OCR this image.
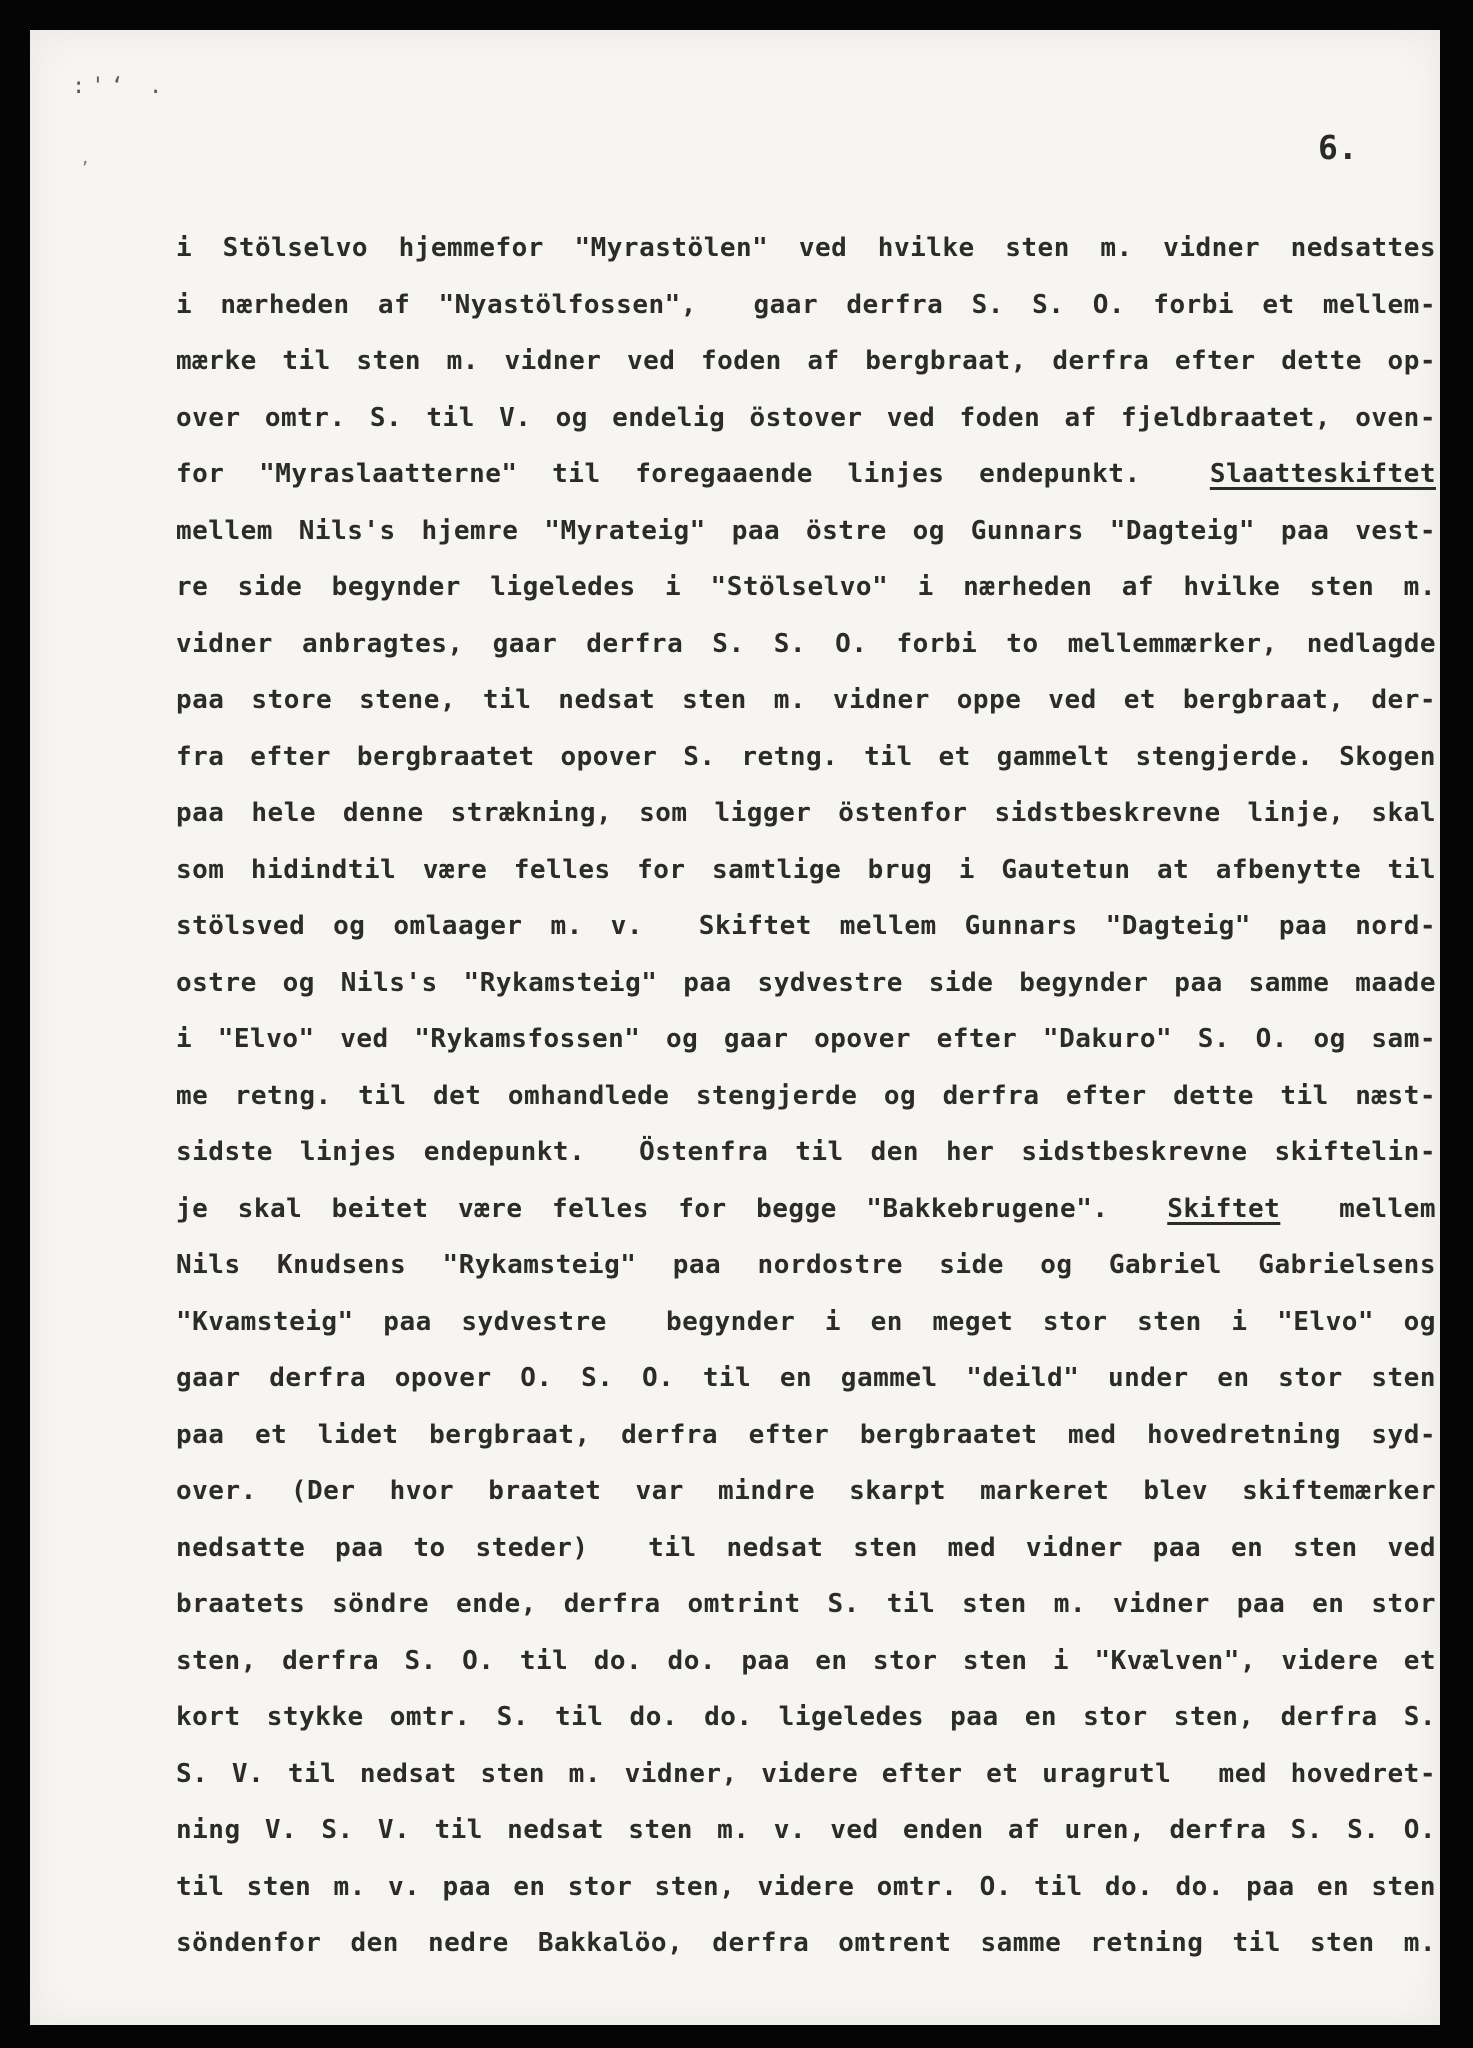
:'ʻ .
ʼ
6.
i Stölselvo hjemmefor "Myrastölen" ved hvilke sten m. vidner nedsattes
i nærheden af "Nyastölfossen",  gaar derfra S. S. O. forbi et mellem-
mærke til sten m. vidner ved foden af bergbraat, derfra efter dette op-
over omtr. S. til V. og endelig östover ved foden af fjeldbraatet, oven-
for "Myraslaatterne" til foregaaende linjes endepunkt.  Slaatteskiftet
mellem Nils's hjemre "Myrateig" paa östre og Gunnars "Dagteig" paa vest-
re side begynder ligeledes i "Stölselvo" i nærheden af hvilke sten m.
vidner anbragtes, gaar derfra S. S. O. forbi to mellemmærker, nedlagde
paa store stene, til nedsat sten m. vidner oppe ved et bergbraat, der-
fra efter bergbraatet opover S. retng. til et gammelt stengjerde. Skogen
paa hele denne strækning, som ligger östenfor sidstbeskrevne linje, skal
som hidindtil være felles for samtlige brug i Gautetun at afbenytte til
stölsved og omlaager m. v.  Skiftet mellem Gunnars "Dagteig" paa nord-
ostre og Nils's "Rykamsteig" paa sydvestre side begynder paa samme maade
i "Elvo" ved "Rykamsfossen" og gaar opover efter "Dakuro" S. O. og sam-
me retng. til det omhandlede stengjerde og derfra efter dette til næst-
sidste linjes endepunkt.  Östenfra til den her sidstbeskrevne skiftelin-
je skal beitet være felles for begge "Bakkebrugene".  Skiftet  mellem
Nils Knudsens "Rykamsteig" paa nordostre side og Gabriel Gabrielsens
"Kvamsteig" paa sydvestre  begynder i en meget stor sten i "Elvo" og
gaar derfra opover O. S. O. til en gammel "deild" under en stor sten
paa et lidet bergbraat, derfra efter bergbraatet med hovedretning syd-
over. (Der hvor braatet var mindre skarpt markeret blev skiftemærker
nedsatte paa to steder)  til nedsat sten med vidner paa en sten ved
braatets söndre ende, derfra omtrint S. til sten m. vidner paa en stor
sten, derfra S. O. til do. do. paa en stor sten i "Kvælven", videre et
kort stykke omtr. S. til do. do. ligeledes paa en stor sten, derfra S.
S. V. til nedsat sten m. vidner, videre efter et uragrutl  med hovedret-
ning V. S. V. til nedsat sten m. v. ved enden af uren, derfra S. S. O.
til sten m. v. paa en stor sten, videre omtr. O. til do. do. paa en sten
söndenfor den nedre Bakkalöo, derfra omtrent samme retning til sten m.
